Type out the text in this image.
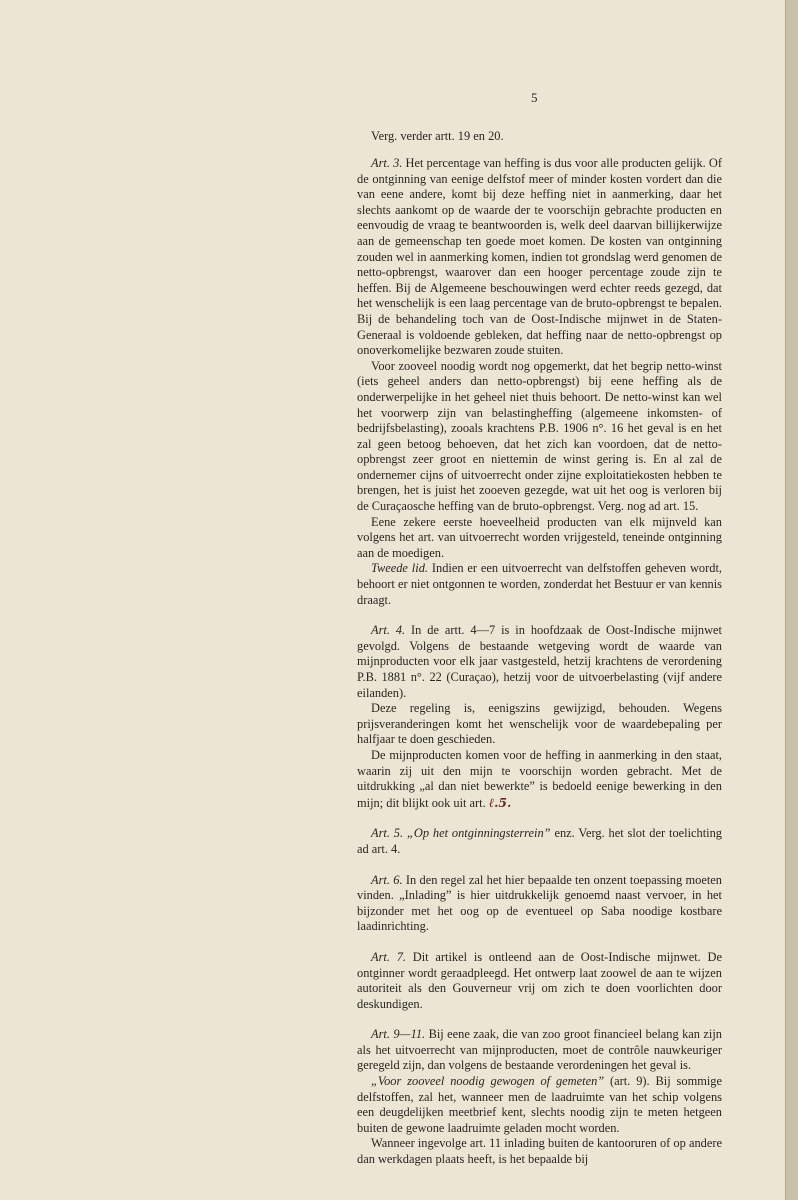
5

Verg. verder artt. 19 en 20.

Art. 3. Het percentage van heffing is dus voor alle producten gelijk. Of de ontginning van eenige delfstof meer of minder kosten vordert dan die van eene andere, komt bij deze heffing niet in aanmerking, daar het slechts aankomt op de waarde der te voorschijn gebrachte producten en eenvoudig de vraag te beantwoorden is, welk deel daarvan billijkerwijze aan de gemeenschap ten goede moet komen. De kosten van ontginning zouden wel in aanmerking komen, indien tot grondslag werd genomen de netto-opbrengst, waarover dan een hooger percentage zoude zijn te heffen. Bij de Algemeene beschouwingen werd echter reeds gezegd, dat het wenschelijk is een laag percentage van de bruto-opbrengst te bepalen. Bij de behandeling toch van de Oost-Indische mijnwet in de Staten-Generaal is voldoende gebleken, dat heffing naar de netto-opbrengst op onoverkomelijke bezwaren zoude stuiten.

Voor zooveel noodig wordt nog opgemerkt, dat het begrip netto-winst (iets geheel anders dan netto-opbrengst) bij eene heffing als de onderwerpelijke in het geheel niet thuis behoort. De netto-winst kan wel het voorwerp zijn van belastingheffing (algemeene inkomsten- of bedrijfsbelasting), zooals krachtens P.B. 1906 n°. 16 het geval is en het zal geen betoog behoeven, dat het zich kan voordoen, dat de netto-opbrengst zeer groot en niettemin de winst gering is. En al zal de ondernemer cijns of uitvoerrecht onder zijne exploitatiekosten hebben te brengen, het is juist het zooeven gezegde, wat uit het oog is verloren bij de Curaçaosche heffing van de bruto-opbrengst. Verg. nog ad art. 15.

Eene zekere eerste hoeveelheid producten van elk mijnveld kan volgens het art. van uitvoerrecht worden vrijgesteld, teneinde ontginning aan de moedigen.

Tweede lid. Indien er een uitvoerrecht van delfstoffen geheven wordt, behoort er niet ontgonnen te worden, zonderdat het Bestuur er van kennis draagt.

Art. 4. In de artt. 4—7 is in hoofdzaak de Oost-Indische mijnwet gevolgd. Volgens de bestaande wetgeving wordt de waarde van mijnproducten voor elk jaar vastgesteld, hetzij krachtens de verordening P.B. 1881 n°. 22 (Curaçao), hetzij voor de uitvoerbelasting (vijf andere eilanden).

Deze regeling is, eenigszins gewijzigd, behouden. Wegens prijsveranderingen komt het wenschelijk voor de waardebepaling per halfjaar te doen geschieden.

De mijnproducten komen voor de heffing in aanmerking in den staat, waarin zij uit den mijn te voorschijn worden gebracht. Met de uitdrukking „al dan niet bewerkte” is bedoeld eenige bewerking in den mijn; dit blijkt ook uit art. ℓ.5.

Art. 5. „Op het ontginningsterrein” enz. Verg. het slot der toelichting ad art. 4.

Art. 6. In den regel zal het hier bepaalde ten onzent toepassing moeten vinden. „Inlading” is hier uitdrukkelijk genoemd naast vervoer, in het bijzonder met het oog op de eventueel op Saba noodige kostbare laadinrichting.

Art. 7. Dit artikel is ontleend aan de Oost-Indische mijnwet. De ontginner wordt geraadpleegd. Het ontwerp laat zoowel de aan te wijzen autoriteit als den Gouverneur vrij om zich te doen voorlichten door deskundigen.

Art. 9—11. Bij eene zaak, die van zoo groot financieel belang kan zijn als het uitvoerrecht van mijnproducten, moet de contrôle nauwkeuriger geregeld zijn, dan volgens de bestaande verordeningen het geval is.

„Voor zooveel noodig gewogen of gemeten” (art. 9). Bij sommige delfstoffen, zal het, wanneer men de laadruimte van het schip volgens een deugdelijken meetbrief kent, slechts noodig zijn te meten hetgeen buiten de gewone laadruimte geladen mocht worden.

Wanneer ingevolge art. 11 inlading buiten de kantooruren of op andere dan werkdagen plaats heeft, is het bepaalde bij
